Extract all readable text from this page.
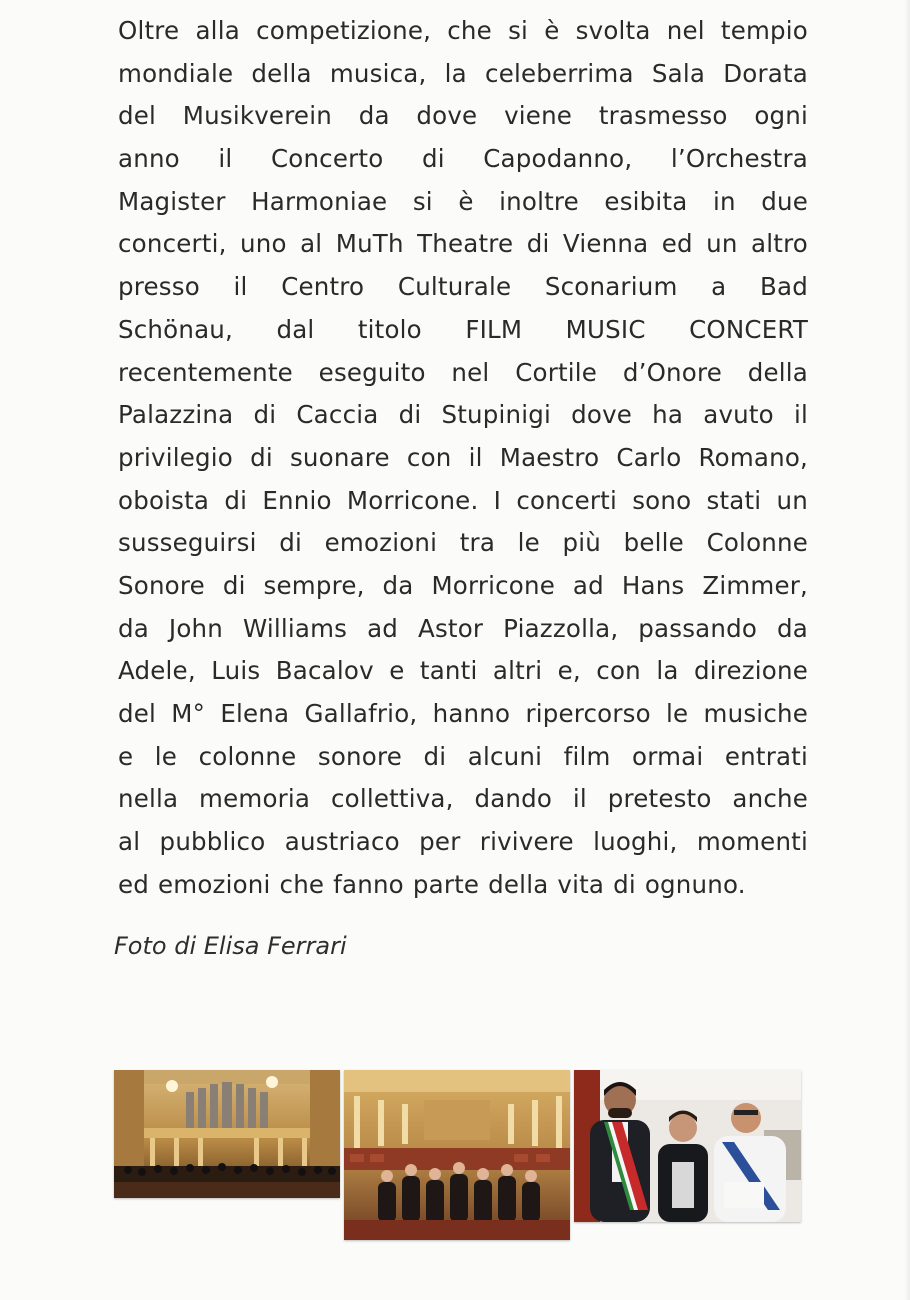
Oltre alla competizione, che si è svolta nel tempio
mondiale della musica, la celeberrima Sala Dorata
del Musikverein da dove viene trasmesso ogni
anno il Concerto di Capodanno, l’Orchestra
Magister Harmoniae si è inoltre esibita in due
concerti, uno al MuTh Theatre di Vienna ed un altro
presso il Centro Culturale Sconarium a Bad
Schönau, dal titolo FILM MUSIC CONCERT
recentemente eseguito nel Cortile d’Onore della
Palazzina di Caccia di Stupinigi dove ha avuto il
privilegio di suonare con il Maestro Carlo Romano,
oboista di Ennio Morricone. I concerti sono stati un
susseguirsi di emozioni tra le più belle Colonne
Sonore di sempre, da Morricone ad Hans Zimmer,
da John Williams ad Astor Piazzolla, passando da
Adele, Luis Bacalov e tanti altri e, con la direzione
del M° Elena Gallafrio, hanno ripercorso le musiche
e le colonne sonore di alcuni film ormai entrati
nella memoria collettiva, dando il pretesto anche
al pubblico austriaco per rivivere luoghi, momenti
ed emozioni che fanno parte della vita di ognuno.

Foto di Elisa Ferrari
